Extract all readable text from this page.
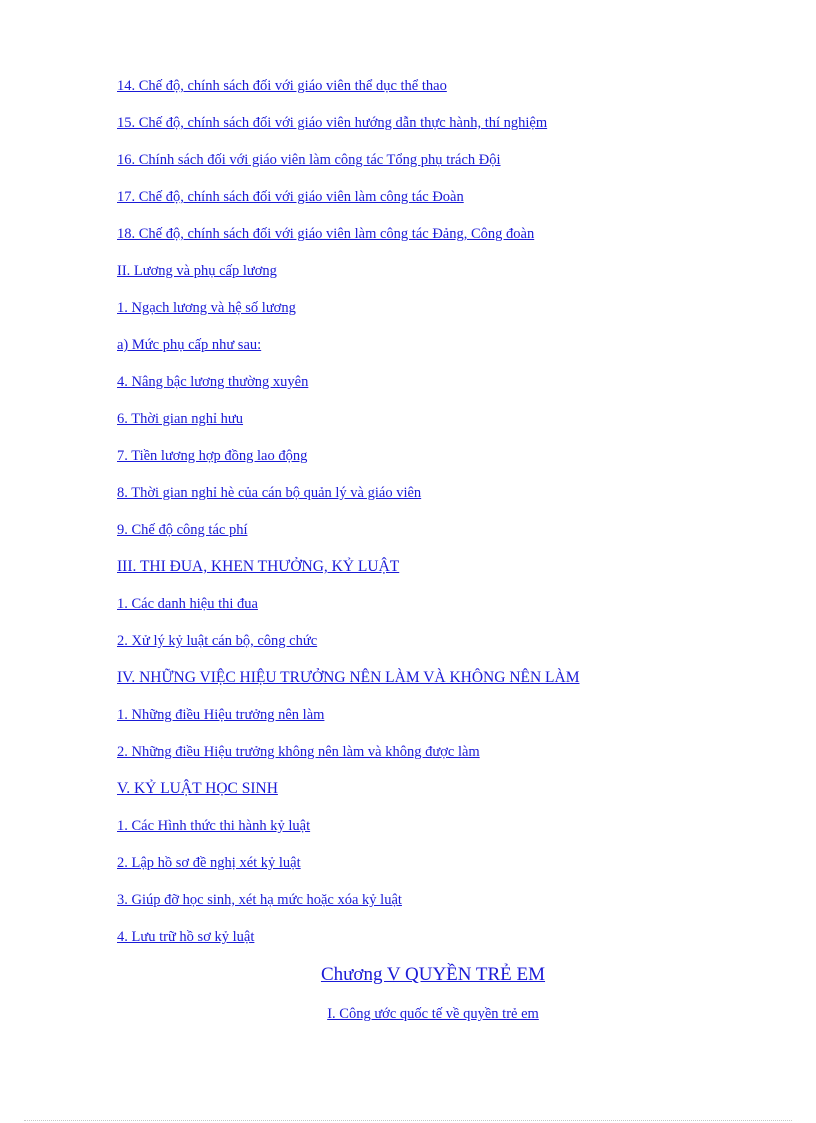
14. Chế độ, chính sách đối với giáo viên thể dục thể thao
15. Chế độ, chính sách đối với giáo viên hướng dẫn thực hành, thí nghiệm
16. Chính sách đối với giáo viên làm công tác Tổng phụ trách Đội
17. Chế độ, chính sách đối với giáo viên làm công tác Đoàn
18. Chế độ, chính sách đối với giáo viên làm công tác Đảng, Công đoàn
II. Lương và phụ cấp lương
1. Ngạch lương và hệ số lương
a) Mức phụ cấp như sau:
4. Nâng bậc lương thường xuyên
6. Thời gian nghỉ hưu
7. Tiền lương hợp đồng lao động
8. Thời gian nghỉ hè của cán bộ quản lý và giáo viên
9. Chế độ công tác phí
III. THI ĐUA, KHEN THƯỞNG, KỶ LUẬT
1. Các danh hiệu thi đua
2. Xử lý kỷ luật cán bộ, công chức
IV. NHỮNG VIỆC HIỆU TRƯỞNG NÊN LÀM VÀ KHÔNG NÊN LÀM
1. Những điều Hiệu trưởng nên làm
2. Những điều Hiệu trưởng không nên làm và không được làm
V. KỶ LUẬT HỌC SINH
1. Các Hình thức thi hành kỷ luật
2. Lập hồ sơ đề nghị xét kỷ luật
3. Giúp đỡ học sinh, xét hạ mức hoặc xóa kỷ luật
4. Lưu trữ hồ sơ kỷ luật
Chương V QUYỀN TRẺ EM
I. Công ước quốc tế về quyền trẻ em
